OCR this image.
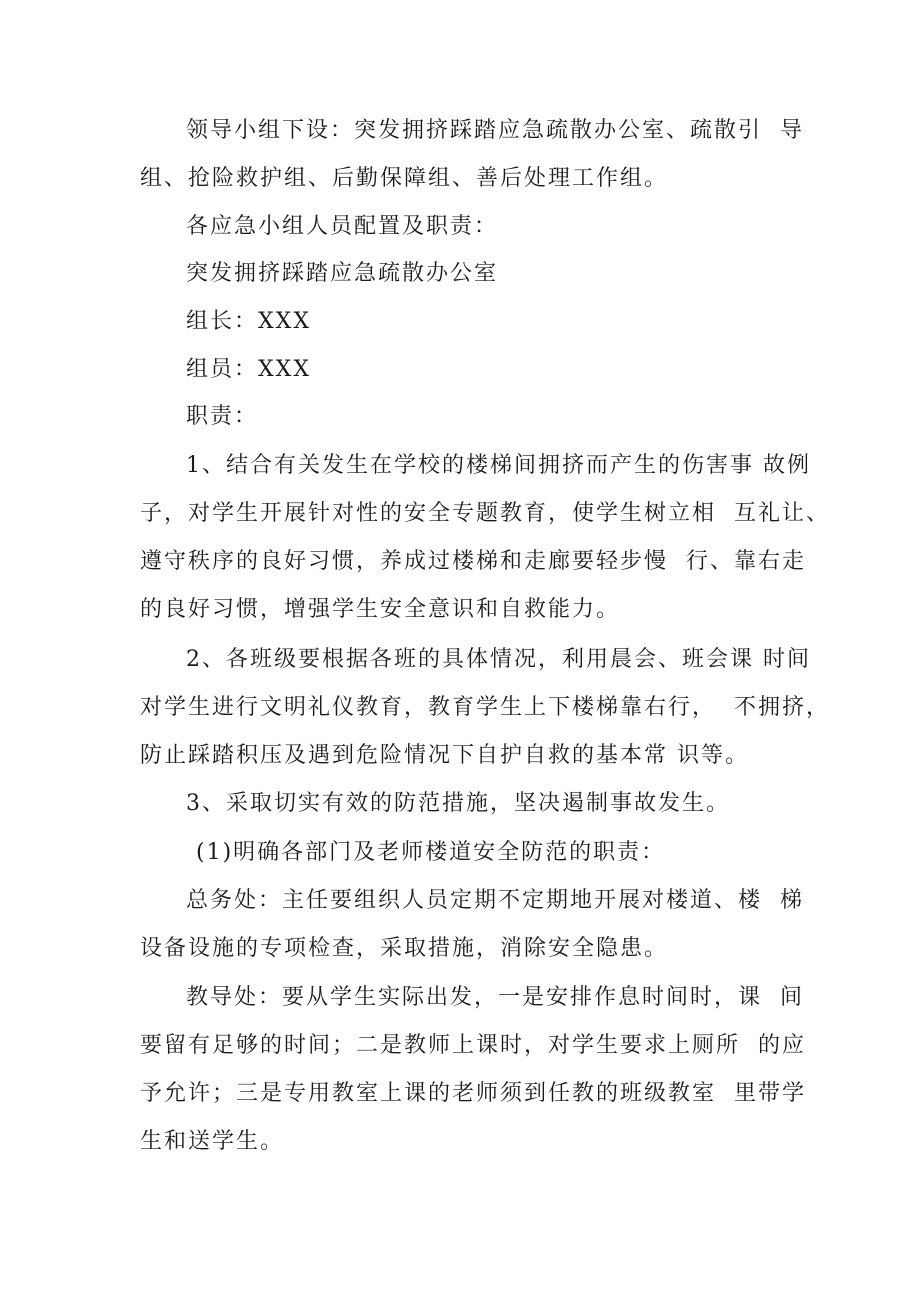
领导小组下设：突发拥挤踩踏应急疏散办公室、疏散引  导
组、抢险救护组、后勤保障组、善后处理工作组。
各应急小组人员配置及职责：
突发拥挤踩踏应急疏散办公室
组长：XXX
组员：XXX
职责：
1、结合有关发生在学校的楼梯间拥挤而产生的伤害事 故例
子，对学生开展针对性的安全专题教育，使学生树立相  互礼让、
遵守秩序的良好习惯，养成过楼梯和走廊要轻步慢  行、靠右走
的良好习惯，增强学生安全意识和自救能力。
2、各班级要根据各班的具体情况，利用晨会、班会课 时间
对学生进行文明礼仪教育，教育学生上下楼梯靠右行，  不拥挤，
防止踩踏积压及遇到危险情况下自护自救的基本常 识等。
3、采取切实有效的防范措施，坚决遏制事故发生。
(1)明确各部门及老师楼道安全防范的职责：
总务处：主任要组织人员定期不定期地开展对楼道、楼  梯
设备设施的专项检查，采取措施，消除安全隐患。
教导处：要从学生实际出发，一是安排作息时间时，课  间
要留有足够的时间；二是教师上课时，对学生要求上厕所  的应
予允许；三是专用教室上课的老师须到任教的班级教室  里带学
生和送学生。
